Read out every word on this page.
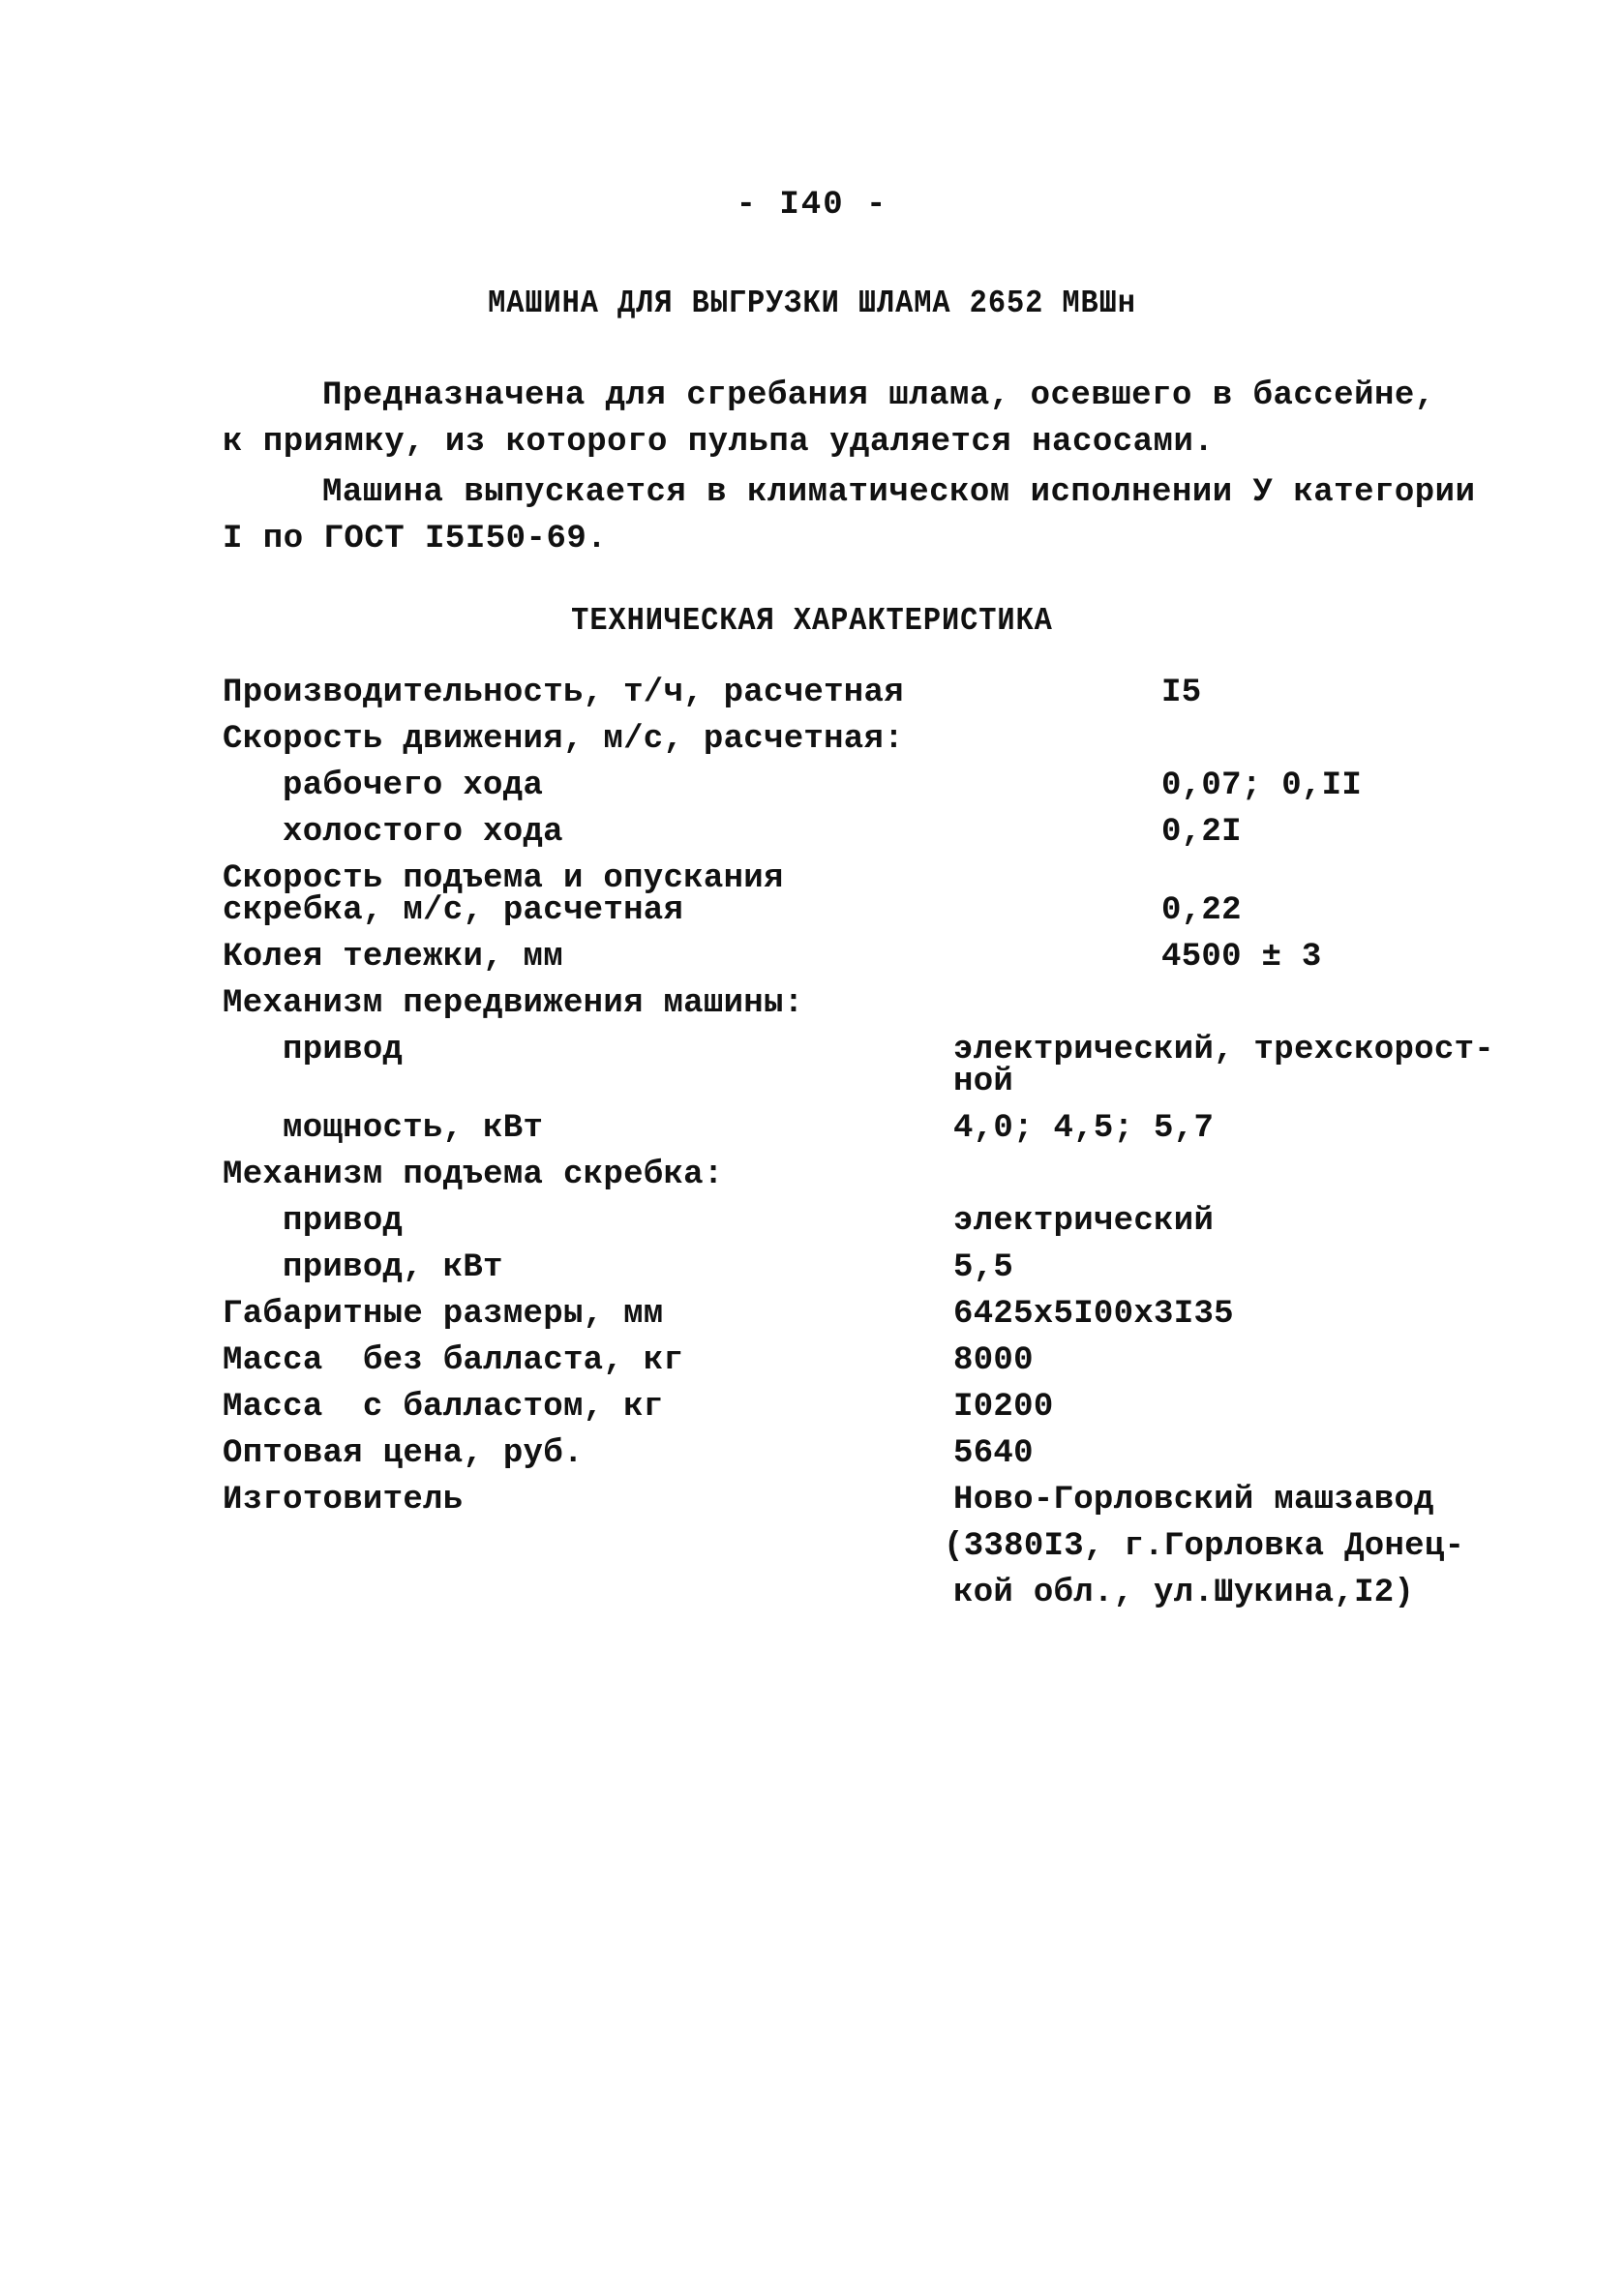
- I40 -
МАШИНА ДЛЯ ВЫГРУЗКИ ШЛАМА 2652 МВШн
Предназначена для сгребания шлама, осевшего в бассейне,
к приямку, из которого пульпа удаляется насосами.
Машина выпускается в климатическом исполнении У категории
I по ГОСТ I5I50-69.
ТЕХНИЧЕСКАЯ ХАРАКТЕРИСТИКА
Производительность, т/ч, расчетная	I5
Скорость движения, м/с, расчетная:
рабочего хода	0,07; 0,II
холостого хода	0,2I
Скорость подъема и опускания
скребка, м/с, расчетная	0,22
Колея тележки, мм	4500 ± 3
Механизм передвижения машины:
привод	электрический, трехскорост-

ной
мощность, кВт	4,0; 4,5; 5,7
Механизм подъема скребка:
привод	электрический
привод, кВт	5,5
Габаритные размеры, мм	6425х5I00х3I35
Масса  без балласта, кг	8000
Масса  с балластом, кг	I0200
Оптовая цена, руб.	5640
Изготовитель	Ново-Горловский машзавод

(3380I3, г.Горловка Донец-

кой обл., ул.Шукина,I2)
